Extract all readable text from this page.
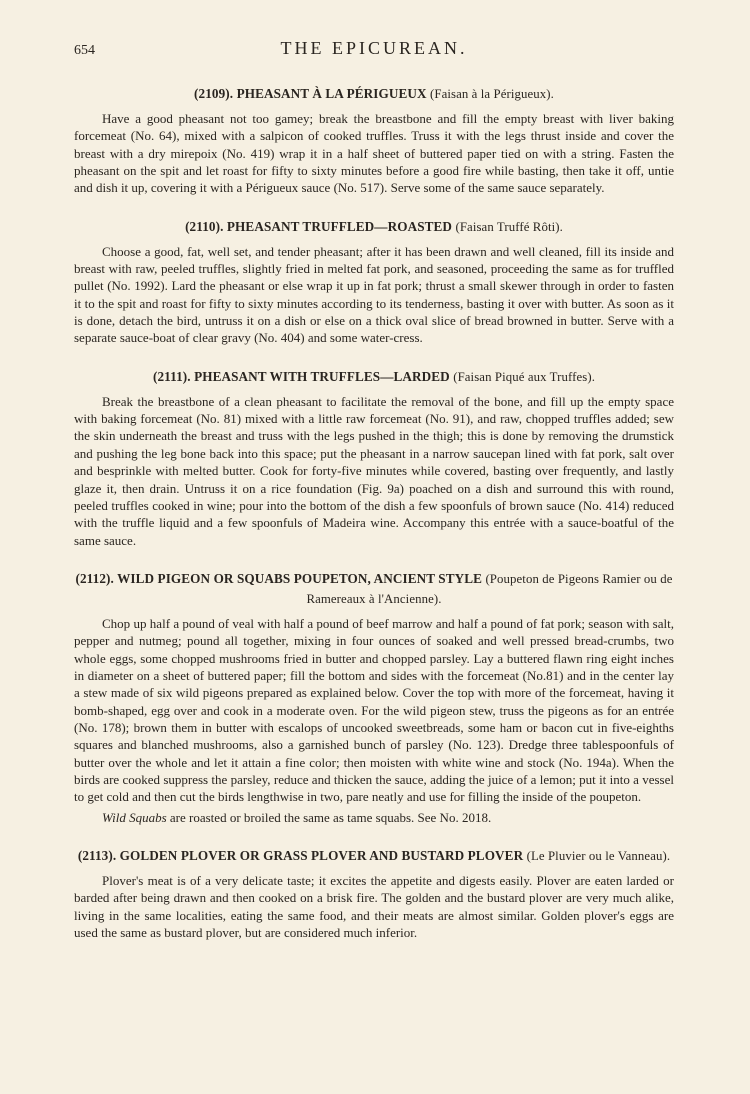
654	THE EPICUREAN.

(2109). PHEASANT À LA PÉRIGUEUX (Faisan à la Périgueux).

Have a good pheasant not too gamey; break the breastbone and fill the empty breast with liver baking forcemeat (No. 64), mixed with a salpicon of cooked truffles. Truss it with the legs thrust inside and cover the breast with a dry mirepoix (No. 419) wrap it in a half sheet of buttered paper tied on with a string. Fasten the pheasant on the spit and let roast for fifty to sixty minutes before a good fire while basting, then take it off, untie and dish it up, covering it with a Périgueux sauce (No. 517). Serve some of the same sauce separately.

(2110). PHEASANT TRUFFLED—ROASTED (Faisan Truffé Rôti).

Choose a good, fat, well set, and tender pheasant; after it has been drawn and well cleaned, fill its inside and breast with raw, peeled truffles, slightly fried in melted fat pork, and seasoned, proceeding the same as for truffled pullet (No. 1992). Lard the pheasant or else wrap it up in fat pork; thrust a small skewer through in order to fasten it to the spit and roast for fifty to sixty minutes according to its tenderness, basting it over with butter. As soon as it is done, detach the bird, untruss it on a dish or else on a thick oval slice of bread browned in butter. Serve with a separate sauce-boat of clear gravy (No. 404) and some water-cress.

(2111). PHEASANT WITH TRUFFLES—LARDED (Faisan Piqué aux Truffes).

Break the breastbone of a clean pheasant to facilitate the removal of the bone, and fill up the empty space with baking forcemeat (No. 81) mixed with a little raw forcemeat (No. 91), and raw, chopped truffles added; sew the skin underneath the breast and truss with the legs pushed in the thigh; this is done by removing the drumstick and pushing the leg bone back into this space; put the pheasant in a narrow saucepan lined with fat pork, salt over and besprinkle with melted butter. Cook for forty-five minutes while covered, basting over frequently, and lastly glaze it, then drain. Untruss it on a rice foundation (Fig. 9a) poached on a dish and surround this with round, peeled truffles cooked in wine; pour into the bottom of the dish a few spoonfuls of brown sauce (No. 414) reduced with the truffle liquid and a few spoonfuls of Madeira wine. Accompany this entrée with a sauce-boatful of the same sauce.

(2112). WILD PIGEON OR SQUABS POUPETON, ANCIENT STYLE (Poupeton de Pigeons Ramier ou de Ramereaux à l'Ancienne).

Chop up half a pound of veal with half a pound of beef marrow and half a pound of fat pork; season with salt, pepper and nutmeg; pound all together, mixing in four ounces of soaked and well pressed bread-crumbs, two whole eggs, some chopped mushrooms fried in butter and chopped parsley. Lay a buttered flawn ring eight inches in diameter on a sheet of buttered paper; fill the bottom and sides with the forcemeat (No.81) and in the center lay a stew made of six wild pigeons prepared as explained below. Cover the top with more of the forcemeat, having it bomb-shaped, egg over and cook in a moderate oven. For the wild pigeon stew, truss the pigeons as for an entrée (No. 178); brown them in butter with escalops of uncooked sweetbreads, some ham or bacon cut in five-eighths squares and blanched mushrooms, also a garnished bunch of parsley (No. 123). Dredge three tablespoonfuls of butter over the whole and let it attain a fine color; then moisten with white wine and stock (No. 194a). When the birds are cooked suppress the parsley, reduce and thicken the sauce, adding the juice of a lemon; put it into a vessel to get cold and then cut the birds lengthwise in two, pare neatly and use for filling the inside of the poupeton.

Wild Squabs are roasted or broiled the same as tame squabs. See No. 2018.

(2113). GOLDEN PLOVER OR GRASS PLOVER AND BUSTARD PLOVER (Le Pluvier ou le Vanneau).

Plover's meat is of a very delicate taste; it excites the appetite and digests easily. Plover are eaten larded or barded after being drawn and then cooked on a brisk fire. The golden and the bustard plover are very much alike, living in the same localities, eating the same food, and their meats are almost similar. Golden plover's eggs are used the same as bustard plover, but are considered much inferior.
